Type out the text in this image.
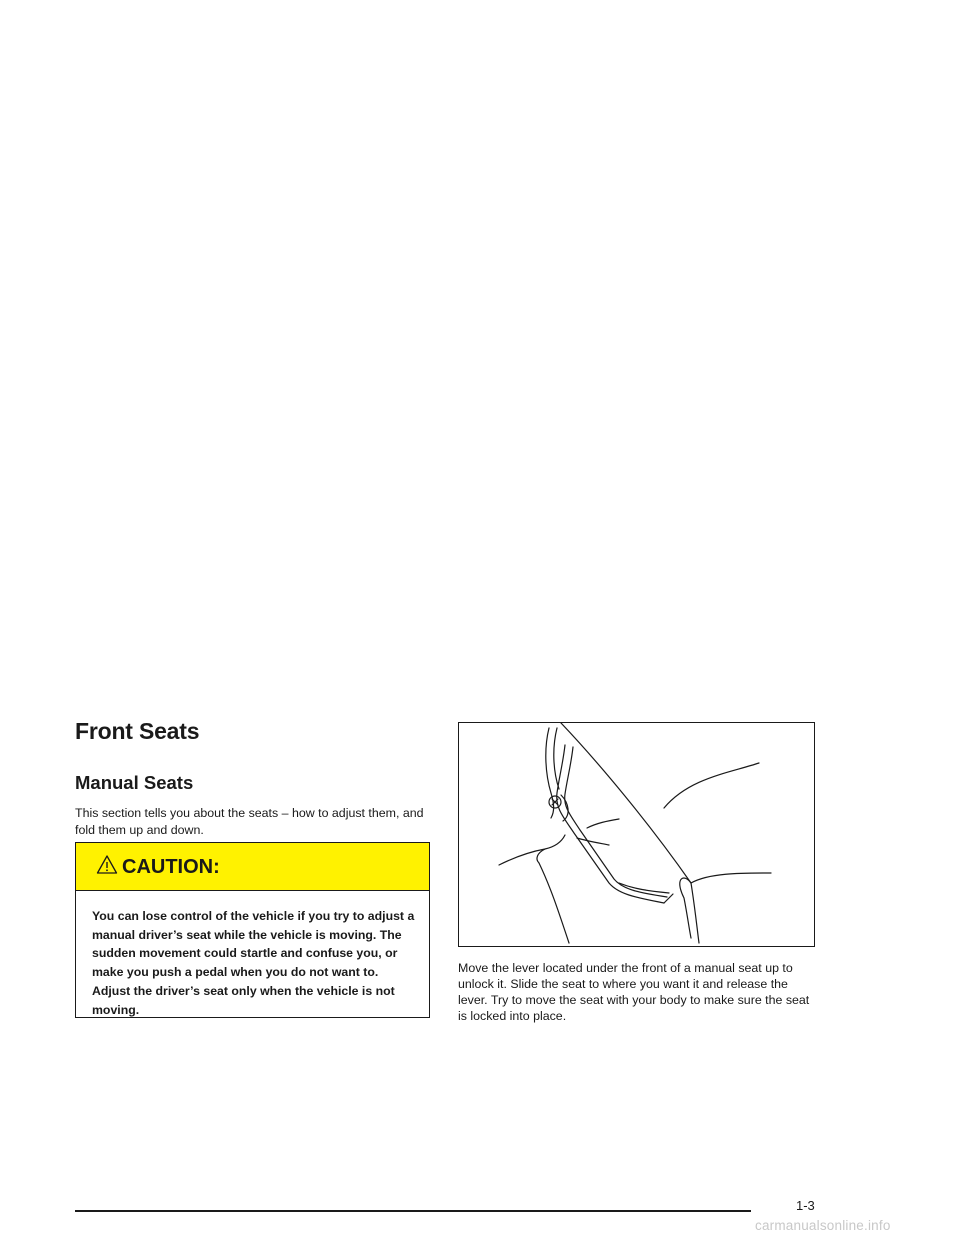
Front Seats
Manual Seats

This section tells you about the seats – how to adjust them, and fold them up and down.

CAUTION:
You can lose control of the vehicle if you try to adjust a manual driver’s seat while the vehicle is moving. The sudden movement could startle and confuse you, or make you push a pedal when you do not want to. Adjust the driver’s seat only when the vehicle is not moving.

Move the lever located under the front of a manual seat up to unlock it. Slide the seat to where you want it and release the lever. Try to move the seat with your body to make sure the seat is locked into place.

1-3
carmanualsonline.info
